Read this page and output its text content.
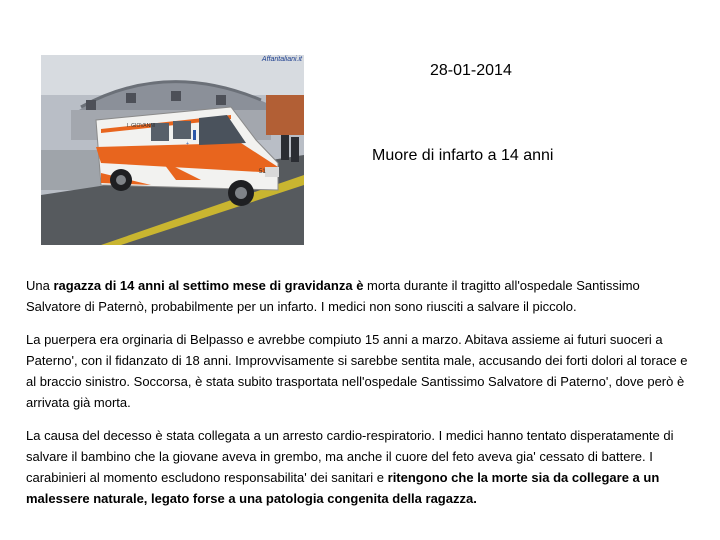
+
I. GIOVANNI
51
Affaritaliani.it
28-01-2014
Muore di infarto a 14 anni

Una ragazza di 14 anni al settimo mese di gravidanza è morta durante il tragitto all'ospedale Santissimo Salvatore di Paternò, probabilmente per un infarto. I medici non sono riusciti a salvare il piccolo.

La puerpera era orginaria di Belpasso e avrebbe compiuto 15 anni a marzo. Abitava assieme ai futuri suoceri a Paterno', con il fidanzato di 18 anni. Improvvisamente si sarebbe sentita male, accusando dei forti dolori al torace e al braccio sinistro. Soccorsa, è stata subito trasportata nell'ospedale Santissimo Salvatore di Paterno', dove però è arrivata già morta.

La causa del decesso è stata collegata a un arresto cardio-respiratorio. I medici hanno tentato disperatamente di salvare il bambino che la giovane aveva in grembo, ma anche il cuore del feto aveva gia' cessato di battere. I carabinieri al momento escludono responsabilita' dei sanitari e ritengono che la morte sia da collegare a un malessere naturale, legato forse a una patologia congenita della ragazza.
